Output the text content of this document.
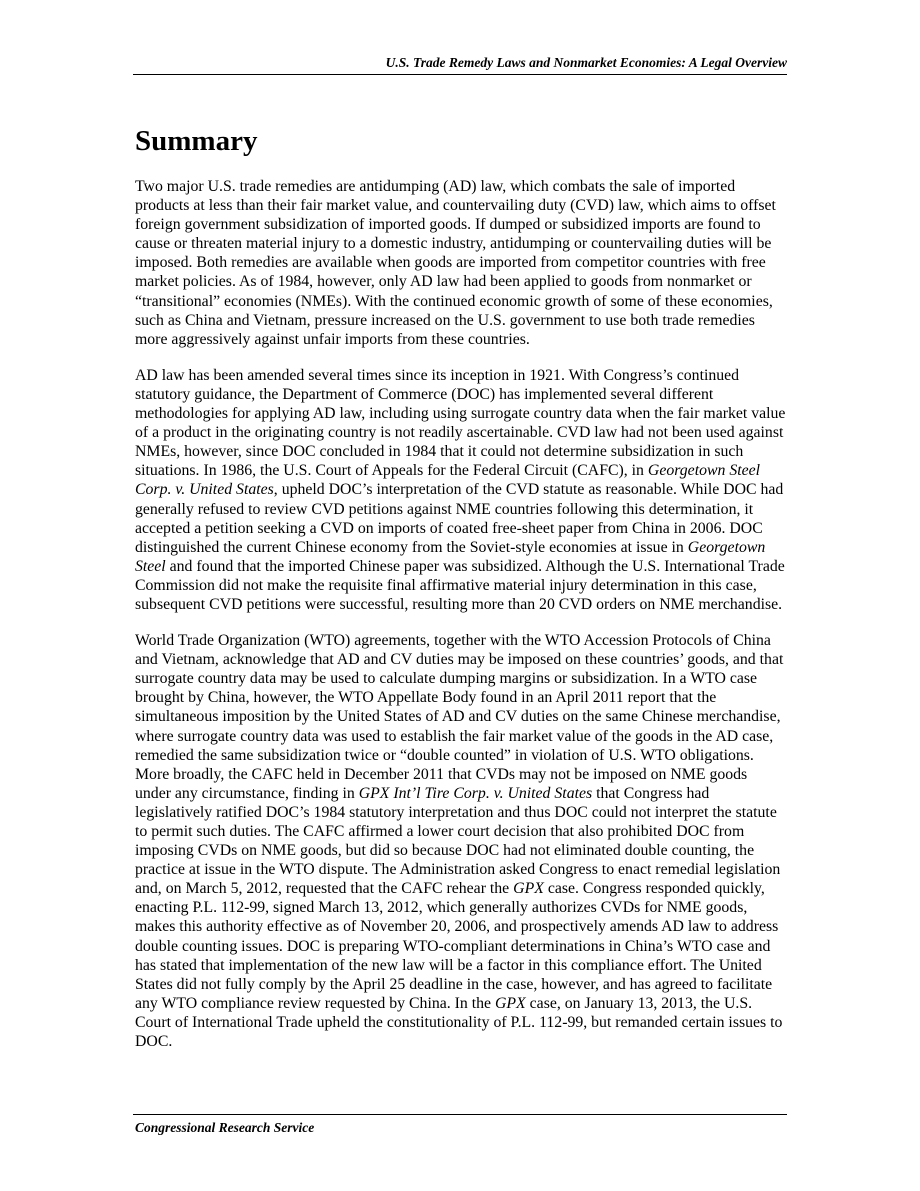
U.S. Trade Remedy Laws and Nonmarket Economies: A Legal Overview
Summary

Two major U.S. trade remedies are antidumping (AD) law, which combats the sale of imported products at less than their fair market value, and countervailing duty (CVD) law, which aims to offset foreign government subsidization of imported goods. If dumped or subsidized imports are found to cause or threaten material injury to a domestic industry, antidumping or countervailing duties will be imposed. Both remedies are available when goods are imported from competitor countries with free market policies. As of 1984, however, only AD law had been applied to goods from nonmarket or “transitional” economies (NMEs). With the continued economic growth of some of these economies, such as China and Vietnam, pressure increased on the U.S. government to use both trade remedies more aggressively against unfair imports from these countries.

AD law has been amended several times since its inception in 1921. With Congress’s continued statutory guidance, the Department of Commerce (DOC) has implemented several different methodologies for applying AD law, including using surrogate country data when the fair market value of a product in the originating country is not readily ascertainable. CVD law had not been used against NMEs, however, since DOC concluded in 1984 that it could not determine subsidization in such situations. In 1986, the U.S. Court of Appeals for the Federal Circuit (CAFC), in Georgetown Steel Corp. v. United States, upheld DOC’s interpretation of the CVD statute as reasonable. While DOC had generally refused to review CVD petitions against NME countries following this determination, it accepted a petition seeking a CVD on imports of coated free-sheet paper from China in 2006. DOC distinguished the current Chinese economy from the Soviet-style economies at issue in Georgetown Steel and found that the imported Chinese paper was subsidized. Although the U.S. International Trade Commission did not make the requisite final affirmative material injury determination in this case, subsequent CVD petitions were successful, resulting more than 20 CVD orders on NME merchandise.

World Trade Organization (WTO) agreements, together with the WTO Accession Protocols of China and Vietnam, acknowledge that AD and CV duties may be imposed on these countries’ goods, and that surrogate country data may be used to calculate dumping margins or subsidization. In a WTO case brought by China, however, the WTO Appellate Body found in an April 2011 report that the simultaneous imposition by the United States of AD and CV duties on the same Chinese merchandise, where surrogate country data was used to establish the fair market value of the goods in the AD case, remedied the same subsidization twice or “double counted” in violation of U.S. WTO obligations. More broadly, the CAFC held in December 2011 that CVDs may not be imposed on NME goods under any circumstance, finding in GPX Int’l Tire Corp. v. United States that Congress had legislatively ratified DOC’s 1984 statutory interpretation and thus DOC could not interpret the statute to permit such duties. The CAFC affirmed a lower court decision that also prohibited DOC from imposing CVDs on NME goods, but did so because DOC had not eliminated double counting, the practice at issue in the WTO dispute. The Administration asked Congress to enact remedial legislation and, on March 5, 2012, requested that the CAFC rehear the GPX case. Congress responded quickly, enacting P.L. 112-99, signed March 13, 2012, which generally authorizes CVDs for NME goods, makes this authority effective as of November 20, 2006, and prospectively amends AD law to address double counting issues. DOC is preparing WTO-compliant determinations in China’s WTO case and has stated that implementation of the new law will be a factor in this compliance effort. The United States did not fully comply by the April 25 deadline in the case, however, and has agreed to facilitate any WTO compliance review requested by China. In the GPX case, on January 13, 2013, the U.S. Court of International Trade upheld the constitutionality of P.L. 112-99, but remanded certain issues to DOC.

Congressional Research Service
